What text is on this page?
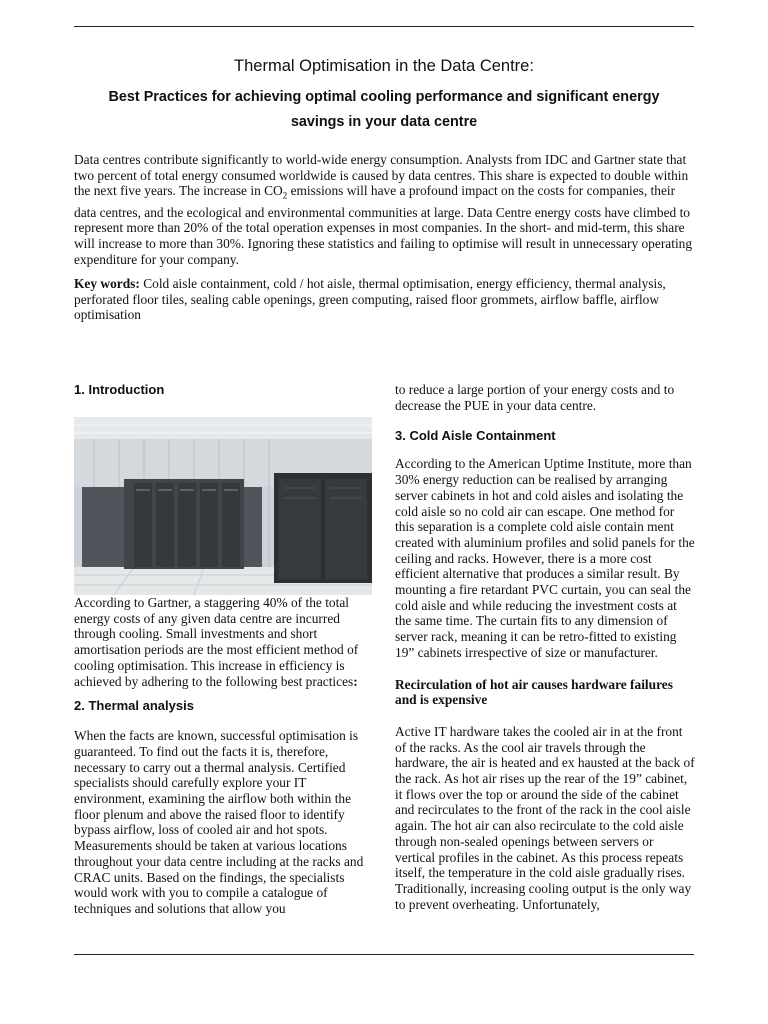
Thermal Optimisation in the Data Centre:

Best Practices for achieving optimal cooling performance and significant energy savings in your data centre

Data centres contribute significantly to world-wide energy consumption. Analysts from IDC and Gartner state that two percent of total energy consumed worldwide is caused by data centres. This share is expected to double within the next five years. The increase in $CO_2$ emissions will have a profound impact on the costs for companies, their data centres, and the ecological and environmental communities at large. Data Centre energy costs have climbed to represent more than 20% of the total operation expenses in most companies. In the short- and mid-term, this share will increase to more than 30%. Ignoring these statistics and failing to optimise will result in unnecessary operating expenditure for your company.

Key words: Cold aisle containment, cold / hot aisle, thermal optimisation, energy efficiency, thermal analysis, perforated floor tiles, sealing cable openings, green computing, raised floor grommets, airflow baffle, airflow optimisation

1. Introduction

According to Gartner, a staggering 40% of the total energy costs of any given data centre are incurred through cooling. Small investments and short amortisation periods are the most efficient method of cooling optimisation. This increase in efficiency is achieved by adhering to the following best practices:

2. Thermal analysis

When the facts are known, successful optimisation is guaranteed. To find out the facts it is, therefore, necessary to carry out a thermal analysis. Certified specialists should carefully explore your IT environment, examining the airflow both within the floor plenum and above the raised floor to identify bypass airflow, loss of cooled air and hot spots. Measurements should be taken at various locations throughout your data centre including at the racks and CRAC units. Based on the findings, the specialists would work with you to compile a catalogue of techniques and solutions that allow you

to reduce a large portion of your energy costs and to decrease the PUE in your data centre.

3. Cold Aisle Containment

According to the American Uptime Institute, more than 30% energy reduction can be realised by arranging server cabinets in hot and cold aisles and isolating the cold aisle so no cold air can escape. One method for this separation is a complete cold aisle contain ment created with aluminium profiles and solid panels for the ceiling and racks. However, there is a more cost efficient alternative that produces a similar result. By mounting a fire retardant PVC curtain, you can seal the cold aisle and while reducing the investment costs at the same time. The curtain fits to any dimension of server rack, meaning it can be retro-fitted to existing 19” cabinets irrespective of size or manufacturer.

Recirculation of hot air causes hardware failures and is expensive

Active IT hardware takes the cooled air in at the front of the racks. As the cool air travels through the hardware, the air is heated and ex hausted at the back of the rack. As hot air rises up the rear of the 19” cabinet, it flows over the top or around the side of the cabinet and recirculates to the front of the rack in the cool aisle again. The hot air can also recirculate to the cold aisle through non-sealed openings between servers or vertical profiles in the cabinet. As this process repeats itself, the temperature in the cold aisle gradually rises. Traditionally, increasing cooling output is the only way to prevent overheating. Unfortunately,
